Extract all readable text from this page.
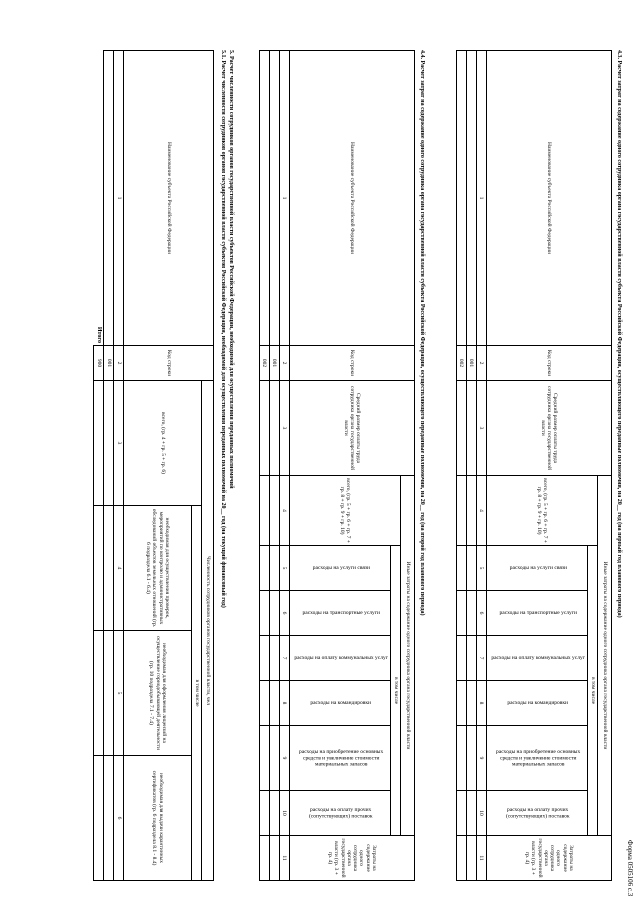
Форма 0505106 с.3
4.3. Расчет затрат на содержание одного сотрудника органа государственной власти субъекта Российской Федерации, осуществляющего переданные полномочия, на 20__ год (на первый год планового периода)
Наименование субъекта Российской Федерации	Код строки	Средний размер оплаты труда сотрудника органа государственной власти	Иные затраты на содержание одного сотрудника органа государственной власти							Затраты на содержание одного сотрудника органа государственной власти (гр. 3 + гр. 4)
			всего, (гр. 5 + гр. 6 + гр. 7 + гр. 8 + гр. 9 + гр. 10)	в том числе						
				расходы на услуги связи	расходы на транспортные услуги	расходы на оплату коммунальных услуг	расходы на командировки	расходы на приобретение основных средств и увеличение стоимости материальных запасов	расходы на оплату прочих (сопутствующих) поставок	
1	2	3	4	5	6	7	8	9	10	11
	001									
	002									
4.4. Расчет затрат на содержание одного сотрудника органа государственной власти субъекта Российской Федерации, осуществляющего переданные полномочия, на 20__ год (на второй год планового периода)
Наименование субъекта Российской Федерации	Код строки	Средний размер оплаты труда сотрудника органа государственной власти	Иные затраты на содержание одного сотрудника органа государственной власти							Затраты на содержание одного сотрудника органа государственной власти (гр. 3 + гр. 4)
			всего, (гр. 5 + гр. 6 + гр. 7 + гр. 8 + гр. 9 + гр. 10)	в том числе						
				расходы на услуги связи	расходы на транспортные услуги	расходы на оплату коммунальных услуг	расходы на командировки	расходы на приобретение основных средств и увеличение стоимости материальных запасов	расходы на оплату прочих (сопутствующих) поставок	
1	2	3	4	5	6	7	8	9	10	11
	001									
	002									
5. Расчет численности сотрудников органов государственной власти субъектов Российской Федерации, необходимой для осуществления переданных полномочий
5.1. Расчет численности сотрудников органов государственной власти субъектов Российской Федерации, необходимой для осуществления переданных полномочий на 20__ год (на текущий финансовый год)
Наименование субъекта Российской Федерации	Код строки	Численность сотрудников органов государственной власти, чел			
		всего, (гр. 4 + гр. 5 + гр. 6)	в том числе		
			необходимая для осуществления проверок, мероприятий по контролю и административных обследований объектов земельных отношений (гр. 6 подраздела 6.1 - 6.4)	необходимая для оформления лицензий на осуществление горнодобывающей деятельности (гр. 10 подраздела 7.1 - 7.4)	необходимая для выдачи карантинных сертификатов (гр. 6 подраздела 8.1 - 8.4)
1	2	3	4	5	6
	001				
Итого	900				
